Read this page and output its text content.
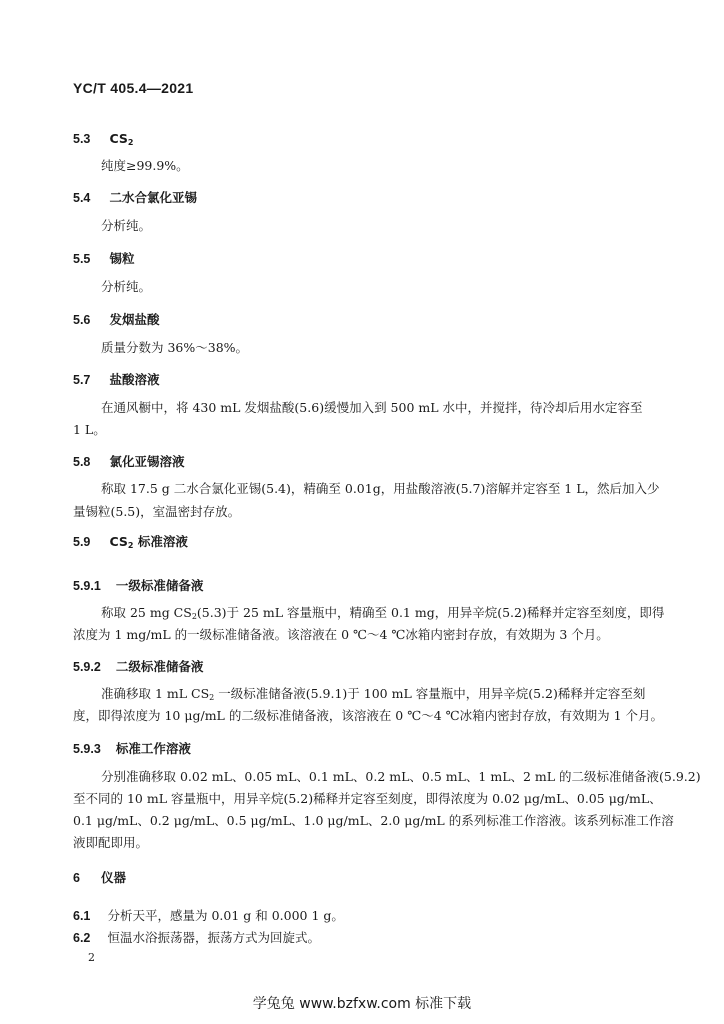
YC/T 405.4—2021
5.3 $CS_2$
纯度≥99.9%。
5.4 二水合氯化亚锡
分析纯。
5.5 锡粒
分析纯。
5.6 发烟盐酸
质量分数为 36%～38%。
5.7 盐酸溶液
在通风橱中，将 430 mL 发烟盐酸(5.6)缓慢加入到 500 mL 水中，并搅拌，待冷却后用水定容至
1 L。
5.8 氯化亚锡溶液
称取 17.5 g 二水合氯化亚锡(5.4)，精确至 0.01g，用盐酸溶液(5.7)溶解并定容至 1 L，然后加入少
量锡粒(5.5)，室温密封存放。
5.9 $CS_2$ 标准溶液
5.9.1 一级标准储备液
称取 25 mg $CS_2(5.3)$于 25 mL 容量瓶中，精确至 0.1 mg，用异辛烷(5.2)稀释并定容至刻度，即得
浓度为 1 mg/mL 的一级标准储备液。该溶液在 0 ℃～4 ℃冰箱内密封存放，有效期为 3 个月。
5.9.2 二级标准储备液
准确移取 1 mL $CS_2$ 一级标准储备液(5.9.1)于 100 mL 容量瓶中，用异辛烷(5.2)稀释并定容至刻
度，即得浓度为 10 μg/mL 的二级标准储备液，该溶液在 0 ℃～4 ℃冰箱内密封存放，有效期为 1 个月。
5.9.3 标准工作溶液
分别准确移取 0.02 mL、0.05 mL、0.1 mL、0.2 mL、0.5 mL、1 mL、2 mL 的二级标准储备液(5.9.2)
至不同的 10 mL 容量瓶中，用异辛烷(5.2)稀释并定容至刻度，即得浓度为 0.02 μg/mL、0.05 μg/mL、
0.1 μg/mL、0.2 μg/mL、0.5 μg/mL、1.0 μg/mL、2.0 μg/mL 的系列标准工作溶液。该系列标准工作溶
液即配即用。
6 仪器
6.1 分析天平，感量为 0.01 g 和 0.000 1 g。
6.2 恒温水浴振荡器，振荡方式为回旋式。
2
学兔兔 www.bzfxw.com 标准下载
